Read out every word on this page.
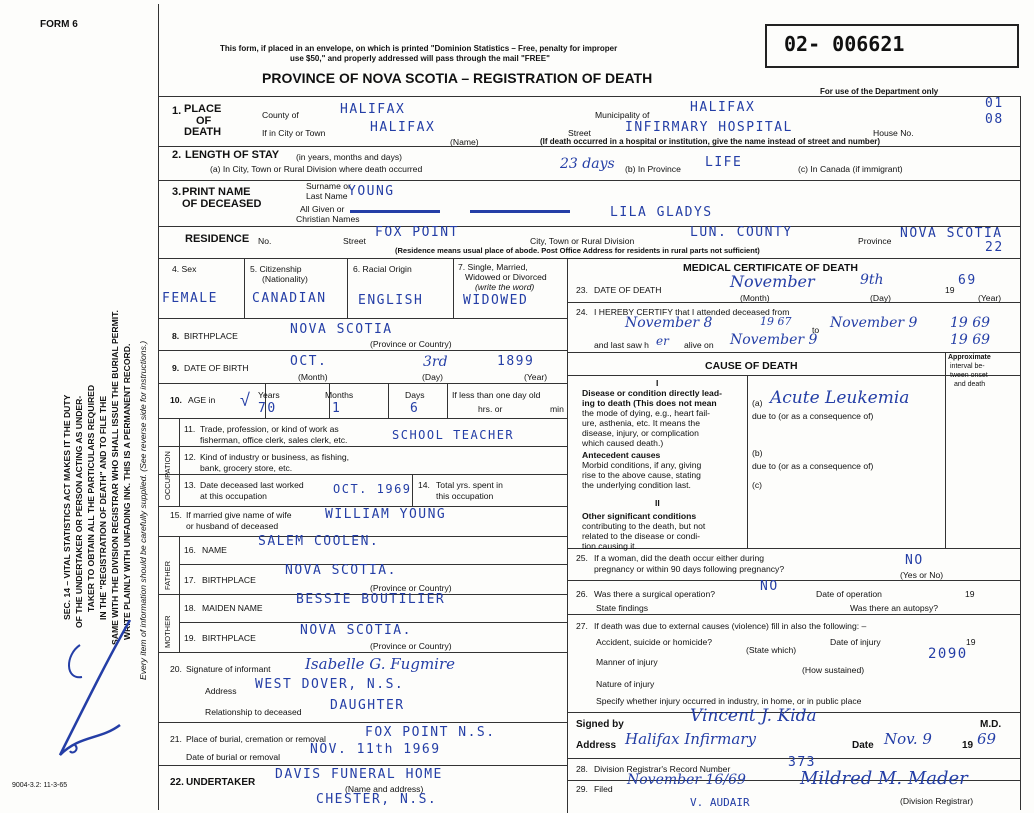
FORM 6
This form, if placed in an envelope, on which is printed "Dominion Statistics – Free, penalty for improper
use $50," and properly addressed will pass through the mail "FREE"
PROVINCE OF NOVA SCOTIA – REGISTRATION OF DEATH
02- 006621
For use of the Department only
01
08
SEC. 14 – VITAL STATISTICS ACT MAKES IT THE DUTY OF THE UNDERTAKER OR PERSON ACTING AS UNDER- TAKER TO OBTAIN ALL THE PARTICULARS REQUIRED IN THE "REGISTRATION OF DEATH" AND TO FILE THE SAME WITH THE DIVISION REGISTRAR WHO SHALL ISSUE THE BURIAL PERMIT. WRITE PLAINLY WITH UNFADING INK. THIS IS A PERMANENT RECORD. Every item of information should be carefully supplied. (See reverse side for instructions.)
9004-3.2: 11-3-65
1. PLACE
OF
DEATH
County of	HALIFAX	Municipality of	HALIFAX
If in City or Town	HALIFAX
(Name)
Street	INFIRMARY HOSPITAL	House No.
(If death occurred in a hospital or institution, give the name instead of street and number)
2. LENGTH OF STAY (in years, months and days)
(a) In City, Town or Rural Division where death occurred	23 days (b) In Province LIFE	(c) In Canada (if immigrant)
3. PRINT NAME
OF DECEASED
Surname or
Last Name YOUNG
All Given or
Christian Names	LILA GLADYS
RESIDENCE No.	Street
FOX POINT
City, Town or Rural Division
LUN. COUNTY
Province NOVA SCOTIA
(Residence means usual place of abode. Post Office Address for residents in rural parts not sufficient)	22
4. Sex
FEMALE
5. Citizenship
(Nationality)
CANADIAN
6. Racial Origin
ENGLISH
7. Single, Married,
Widowed or Divorced
(write the word)
WIDOWED
8. BIRTHPLACE	NOVA SCOTIA
(Province or Country)
9. DATE OF BIRTH	OCT.	3rd	1899
(Month)	(Day)	(Year)
10. AGE in	Years
70
Months
1
Days
6
If less than one day old
hrs. or	min
√
OCCUPATION
11. Trade, profession, or kind of work as
fisherman, office clerk, sales clerk, etc.	SCHOOL TEACHER
12. Kind of industry or business, as fishing,
bank, grocery store, etc.
13. Date deceased last worked
at this occupation	OCT. 1969 14. Total yrs. spent in
this occupation
15. If married give name of wife
or husband of deceased
WILLIAM YOUNG
FATHER
16. NAME
SALEM COOLEN.
17. BIRTHPLACE
NOVA SCOTIA.
(Province or Country)
MOTHER
18. MAIDEN NAME
BESSIE BOUTILIER
19. BIRTHPLACE	NOVA SCOTIA.
(Province or Country)
20. Signature of informant Isabelle G. Fugmire
Address WEST DOVER, N.S.
Relationship to deceased DAUGHTER
21. Place of burial, cremation or removal	FOX POINT N.S.
Date of burial or removal NOV. 11th 1969
22. UNDERTAKER
DAVIS FUNERAL HOME
(Name and address)
CHESTER, N.S.
MEDICAL CERTIFICATE OF DEATH
23. DATE OF DEATH	November	9th
19
69
(Month)	(Day)	(Year)
24. I HEREBY CERTIFY that I attended deceased from
November 8	19 67
to November 9 19 69
and last saw h er alive on November 9	19 69
CAUSE OF DEATH
Approximate
interval be-
tween onset
and death
I
Disease or condition directly lead-
ing to death (This does not mean
the mode of dying, e.g., heart fail-
ure, asthenia, etc. It means the
disease, injury, or complication
which caused death.)
(a) Acute Leukemia
due to (or as a consequence of)
Antecedent causes
Morbid conditions, if any, giving
rise to the above cause, stating
the underlying condition last.
(b)
due to (or as a consequence of)
(c)
II
Other significant conditions
contributing to the death, but not
related to the disease or condi-
tion causing it.
25. If a woman, did the death occur either during
pregnancy or within 90 days following pregnancy?
NO
(Yes or No)
26. Was there a surgical operation?	NO	Date of operation	19
State findings	Was there an autopsy?
27. If death was due to external causes (violence) fill in also the following: –
Accident, suicide or homicide?
(State which)
Date of injury	19
Manner of injury	2090
(How sustained)
Nature of injury
Specify whether injury occurred in industry, in home, or in public place
Signed by	Vincent J. Kida	M.D.
Address Halifax Infirmary	Date Nov. 9	19 69
28. Division Registrar's Record Number	373
29. Filed
November 16/69	Mildred M. Mader
(Division Registrar)
V. AUDAIR
